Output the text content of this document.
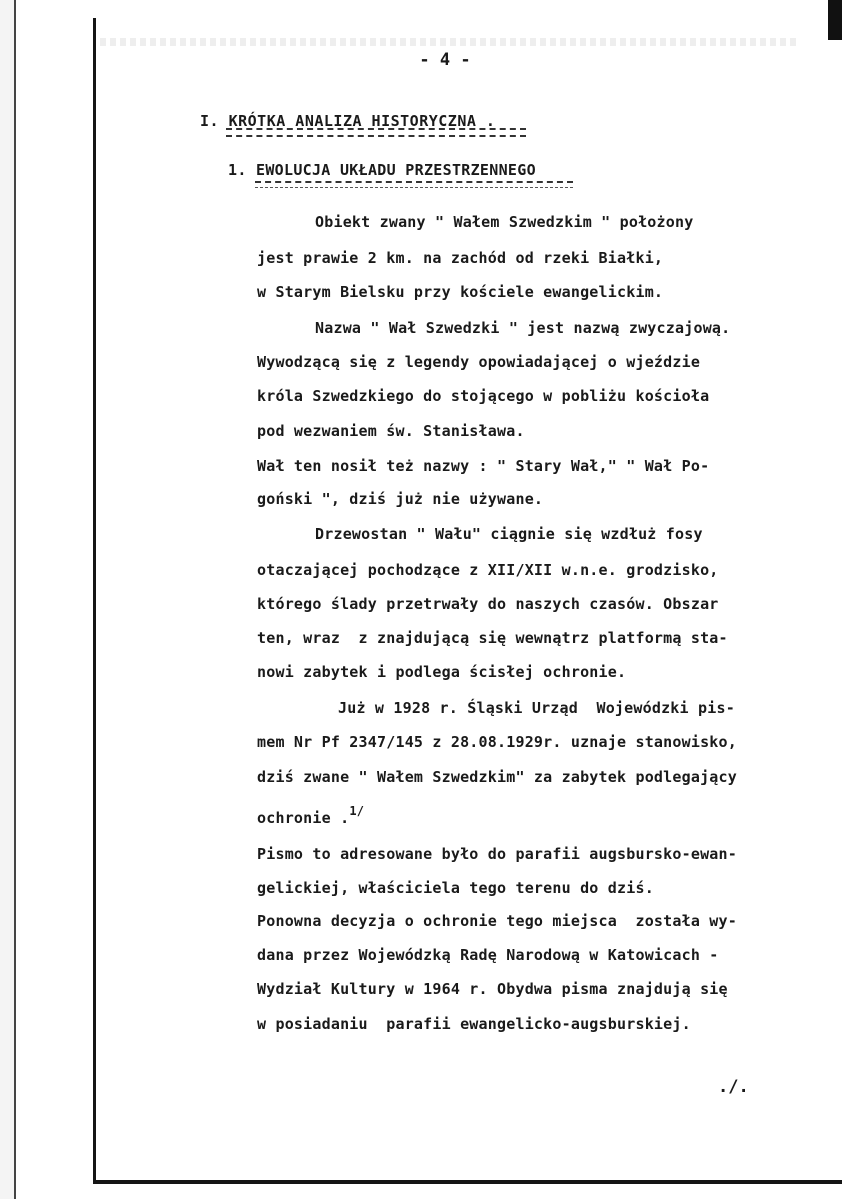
- 4 -
I. KRÓTKA ANALIZA HISTORYCZNA .
1. EWOLUCJA UKŁADU PRZESTRZENNEGO
Obiekt zwany " Wałem Szwedzkim " położony
jest prawie 2 km. na zachód od rzeki Białki,
w Starym Bielsku przy kościele ewangelickim.
Nazwa " Wał Szwedzki " jest nazwą zwyczajową.
Wywodzącą się z legendy opowiadającej o wjeździe
króla Szwedzkiego do stojącego w pobliżu kościoła
pod wezwaniem św. Stanisława.
Wał ten nosił też nazwy : " Stary Wał," " Wał Po-
goński ", dziś już nie używane.
Drzewostan " Wału" ciągnie się wzdłuż fosy
otaczającej pochodzące z XII/XII w.n.e. grodzisko,
którego ślady przetrwały do naszych czasów. Obszar
ten, wraz  z znajdującą się wewnątrz platformą sta-
nowi zabytek i podlega ścisłej ochronie.
Już w 1928 r. Śląski Urząd  Wojewódzki pis-
mem Nr Pf 2347/145 z 28.08.1929r. uznaje stanowisko,
dziś zwane " Wałem Szwedzkim" za zabytek podlegający
ochronie .$^{1/}$
Pismo to adresowane było do parafii augsbursko-ewan-
gelickiej, właściciela tego terenu do dziś.
Ponowna decyzja o ochronie tego miejsca  została wy-
dana przez Wojewódzką Radę Narodową w Katowicach -
Wydział Kultury w 1964 r. Obydwa pisma znajdują się
w posiadaniu  parafii ewangelicko-augsburskiej.
./.
